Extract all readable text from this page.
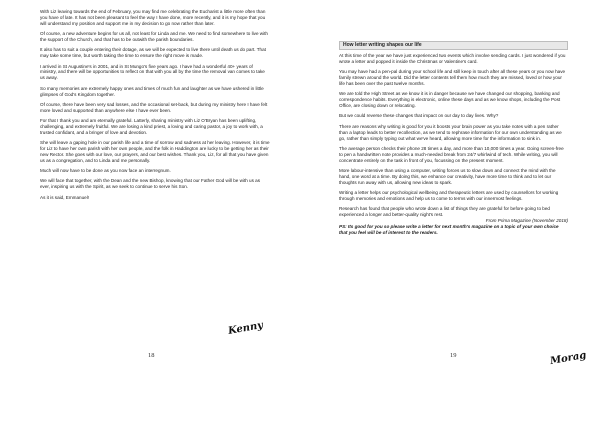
With Liz leaving towards the end of February, you may find me celebrating the Eucharist a little more often than you have of late. It has not been pleasant to feel the way I have done, more recently, and it is my hope that you will understand my position and support me in my decision to go now rather than later.

Of course, a new adventure begins for us all, not least for Linda and me. We need to find somewhere to live with the support of the Church, and that has to be outwith the parish boundaries.

It also has to suit a couple entering their dotage, as we will be expected to live there until death us do part. That may take some time, but worth taking the time to ensure the right move is made.

I arrived in St Augustine's in 2001, and in St Mungo's five years ago. I have had a wonderful 40+ years of ministry, and there will be opportunities to reflect on that with you all by the time the removal van comes to take us away.

So many memories are extremely happy ones and times of much fun and laughter as we have ushered in little glimpses of God's Kingdom together.

Of course, there have been very sad losses, and the occasional set-back, but during my ministry here I have felt more loved and supported than anywhere else I have ever been.

For that I thank you and am eternally grateful. Latterly, sharing ministry with Liz O'Bryan has been uplifting, challenging, and extremely fruitful. We are losing a kind priest, a loving and caring pastor, a joy to work with, a trusted confidant, and a bringer of love and devotion.

She will leave a gaping hole in our parish life and a time of sorrow and sadness at her leaving. However, it is time for Liz to have her own parish with her own people, and the folk in Haddington are lucky to be getting her as their new Rector. She goes with our love, our prayers, and our best wishes. Thank you, Liz, for all that you have given us as a congregation, and to Linda and me personally.

Much will now have to be done as you now face an interregnum.

We will face that together, with the Dean and the new Bishop, knowing that our Father God will be with us as ever, inspiring us with the Spirit, as we seek to continue to serve his Son.

As it is said, Emmanuel!

Kenny
18
How letter writing shapes our life

At this time of the year we have just experienced two events which involve sending cards. I just wondered if you wrote a letter and popped it inside the Christmas or Valentine's card.

You may have had a pen-pal during your school life and still keep in touch after all these years or you now have family strewn around the world. Did the letter contents tell them how much they are missed, loved or how your life has been over the past twelve months.

We are told the High Street as we know it is in danger because we have changed our shopping, banking and correspondence habits. Everything is electronic, online these days and as we know shops, including the Post Office, are closing down or relocating.

But we could reverse these changes that impact on our day to day lives. Why?

There are reasons why writing is good for you it boosts your brain power as you take notes with a pen rather than a laptop leads to better recollection, as we tend to rephrase information for our own understanding as we go, rather than simply typing out what we've heard, allowing more time for the information to sink in.

The average person checks their phone 28 times a day, and more than 10,000 times a year. Going screen-free to pen a handwritten note provides a much-needed break from 24/7 whirlwind of tech. While writing, you will concentrate entirely on the task in front of you, focussing on the present moment.

More labour-intensive than using a computer, writing forces us to slow down and connect the mind with the hand, one word at a time. By doing this, we enhance our creativity, have more time to think and to let our thoughts run away with us, allowing new ideas to spark.

Writing a letter helps our psychological wellbeing and therapeutic letters are used by counsellors for working through memories and emotions and help us to come to terms with our innermost feelings.

Research has found that people who wrote down a list of things they are grateful for before going to bed experienced a longer and better-quality night's rest.

From Prima Magazine (November 2018)

PS: Its good for you so please write a letter for next month's magazine on a topic of your own choice that you feel will be of interest to the readers.

Morag
19
